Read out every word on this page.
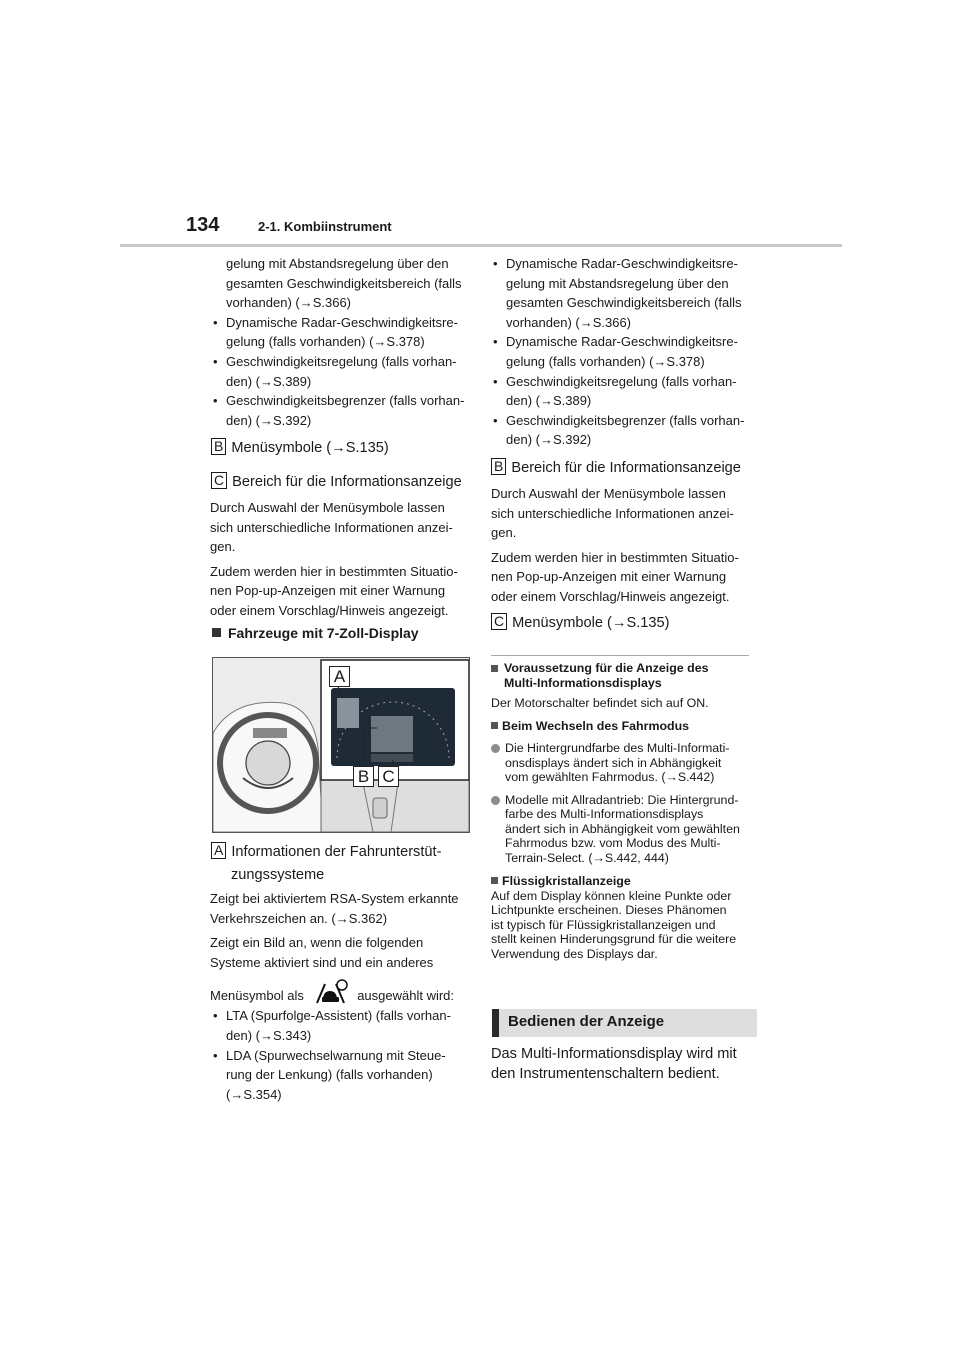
134	2-1. Kombiinstrument

gelung mit Abstandsregelung über den

gesamten Geschwindigkeitsbereich (falls

vorhanden) (→S.366)

• Dynamische Radar-Geschwindigkeitsre-

gelung (falls vorhanden) (→S.378)

• Geschwindigkeitsregelung (falls vorhan-

den) (→S.389)

• Geschwindigkeitsbegrenzer (falls vorhan-

den) (→S.392)

B Menüsymbole (→S.135)
C Bereich für die Informationsanzeige

Durch Auswahl der Menüsymbole lassen

sich unterschiedliche Informationen anzei-

gen.

Zudem werden hier in bestimmten Situatio-

nen Pop-up-Anzeigen mit einer Warnung

oder einem Vorschlag/Hinweis angezeigt.

Fahrzeuge mit 7-Zoll-Display
A
B C
A Informationen der Fahrunterstüt-
zungssysteme

Zeigt bei aktiviertem RSA-System erkannte

Verkehrszeichen an. (→S.362)

Zeigt ein Bild an, wenn die folgenden

Systeme aktiviert sind und ein anderes

Menüsymbol als	ausgewählt wird:

• LTA (Spurfolge-Assistent) (falls vorhan-

den) (→S.343)

• LDA (Spurwechselwarnung mit Steue-

rung der Lenkung) (falls vorhanden)

(→S.354)

• Dynamische Radar-Geschwindigkeitsre-

gelung mit Abstandsregelung über den

gesamten Geschwindigkeitsbereich (falls

vorhanden) (→S.366)

• Dynamische Radar-Geschwindigkeitsre-

gelung (falls vorhanden) (→S.378)

• Geschwindigkeitsregelung (falls vorhan-

den) (→S.389)

• Geschwindigkeitsbegrenzer (falls vorhan-

den) (→S.392)

B Bereich für die Informationsanzeige

Durch Auswahl der Menüsymbole lassen

sich unterschiedliche Informationen anzei-

gen.

Zudem werden hier in bestimmten Situatio-

nen Pop-up-Anzeigen mit einer Warnung

oder einem Vorschlag/Hinweis angezeigt.

C Menüsymbole (→S.135)
Voraussetzung für die Anzeige des
Multi-Informationsdisplays
Der Motorschalter befindet sich auf ON.
Beim Wechseln des Fahrmodus
Die Hintergrundfarbe des Multi-Informati-
onsdisplays ändert sich in Abhängigkeit
vom gewählten Fahrmodus. (→S.442)
Modelle mit Allradantrieb: Die Hintergrund-
farbe des Multi-Informationsdisplays
ändert sich in Abhängigkeit vom gewählten
Fahrmodus bzw. vom Modus des Multi-
Terrain-Select. (→S.442, 444)
Flüssigkristallanzeige
Auf dem Display können kleine Punkte oder
Lichtpunkte erscheinen. Dieses Phänomen
ist typisch für Flüssigkristallanzeigen und
stellt keinen Hinderungsgrund für die weitere
Verwendung des Displays dar.
Bedienen der Anzeige

Das Multi-Informationsdisplay wird mit

den Instrumentenschaltern bedient.
